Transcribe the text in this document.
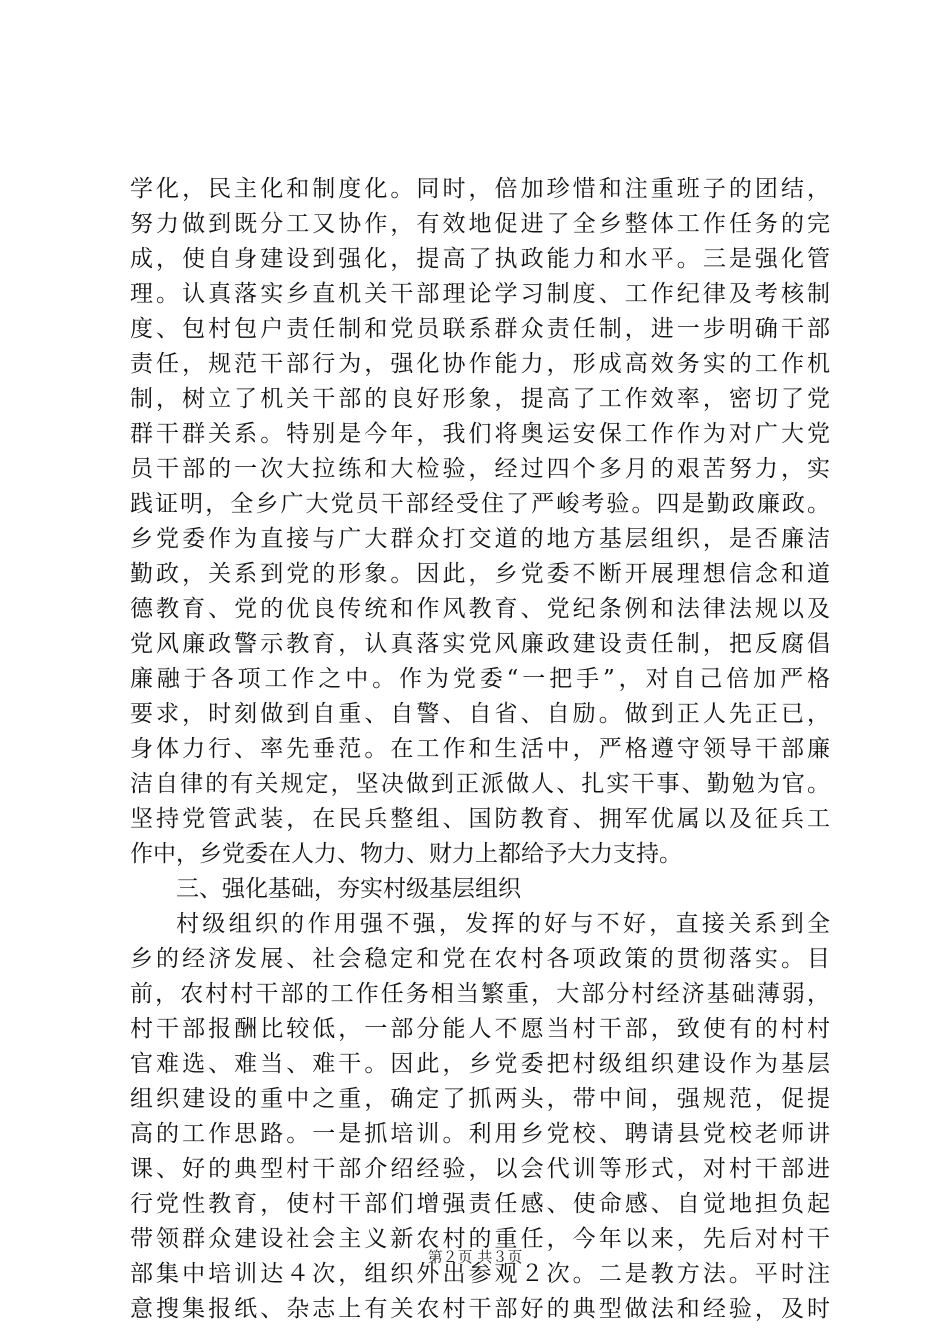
学化，民主化和制度化。同时，倍加珍惜和注重班子的团结，
努力做到既分工又协作，有效地促进了全乡整体工作任务的完
成，使自身建设到强化，提高了执政能力和水平。三是强化管
理。认真落实乡直机关干部理论学习制度、工作纪律及考核制
度、包村包户责任制和党员联系群众责任制，进一步明确干部
责任，规范干部行为，强化协作能力，形成高效务实的工作机
制，树立了机关干部的良好形象，提高了工作效率，密切了党
群干群关系。特别是今年，我们将奥运安保工作作为对广大党
员干部的一次大拉练和大检验，经过四个多月的艰苦努力，实
践证明，全乡广大党员干部经受住了严峻考验。四是勤政廉政。
乡党委作为直接与广大群众打交道的地方基层组织，是否廉洁
勤政，关系到党的形象。因此，乡党委不断开展理想信念和道
德教育、党的优良传统和作风教育、党纪条例和法律法规以及
党风廉政警示教育，认真落实党风廉政建设责任制，把反腐倡
廉融于各项工作之中。作为党委“一把手”，对自己倍加严格
要求，时刻做到自重、自警、自省、自励。做到正人先正已，
身体力行、率先垂范。在工作和生活中，严格遵守领导干部廉
洁自律的有关规定，坚决做到正派做人、扎实干事、勤勉为官。
坚持党管武装，在民兵整组、国防教育、拥军优属以及征兵工
作中，乡党委在人力、物力、财力上都给予大力支持。
三、强化基础，夯实村级基层组织
村级组织的作用强不强，发挥的好与不好，直接关系到全
乡的经济发展、社会稳定和党在农村各项政策的贯彻落实。目
前，农村村干部的工作任务相当繁重，大部分村经济基础薄弱，
村干部报酬比较低，一部分能人不愿当村干部，致使有的村村
官难选、难当、难干。因此，乡党委把村级组织建设作为基层
组织建设的重中之重，确定了抓两头，带中间，强规范，促提
高的工作思路。一是抓培训。利用乡党校、聘请县党校老师讲
课、好的典型村干部介绍经验，以会代训等形式，对村干部进
行党性教育，使村干部们增强责任感、使命感、自觉地担负起
带领群众建设社会主义新农村的重任，今年以来，先后对村干
部集中培训达４次，组织外出参观２次。二是教方法。平时注
意搜集报纸、杂志上有关农村干部好的典型做法和经验，及时
第２页 共３页
